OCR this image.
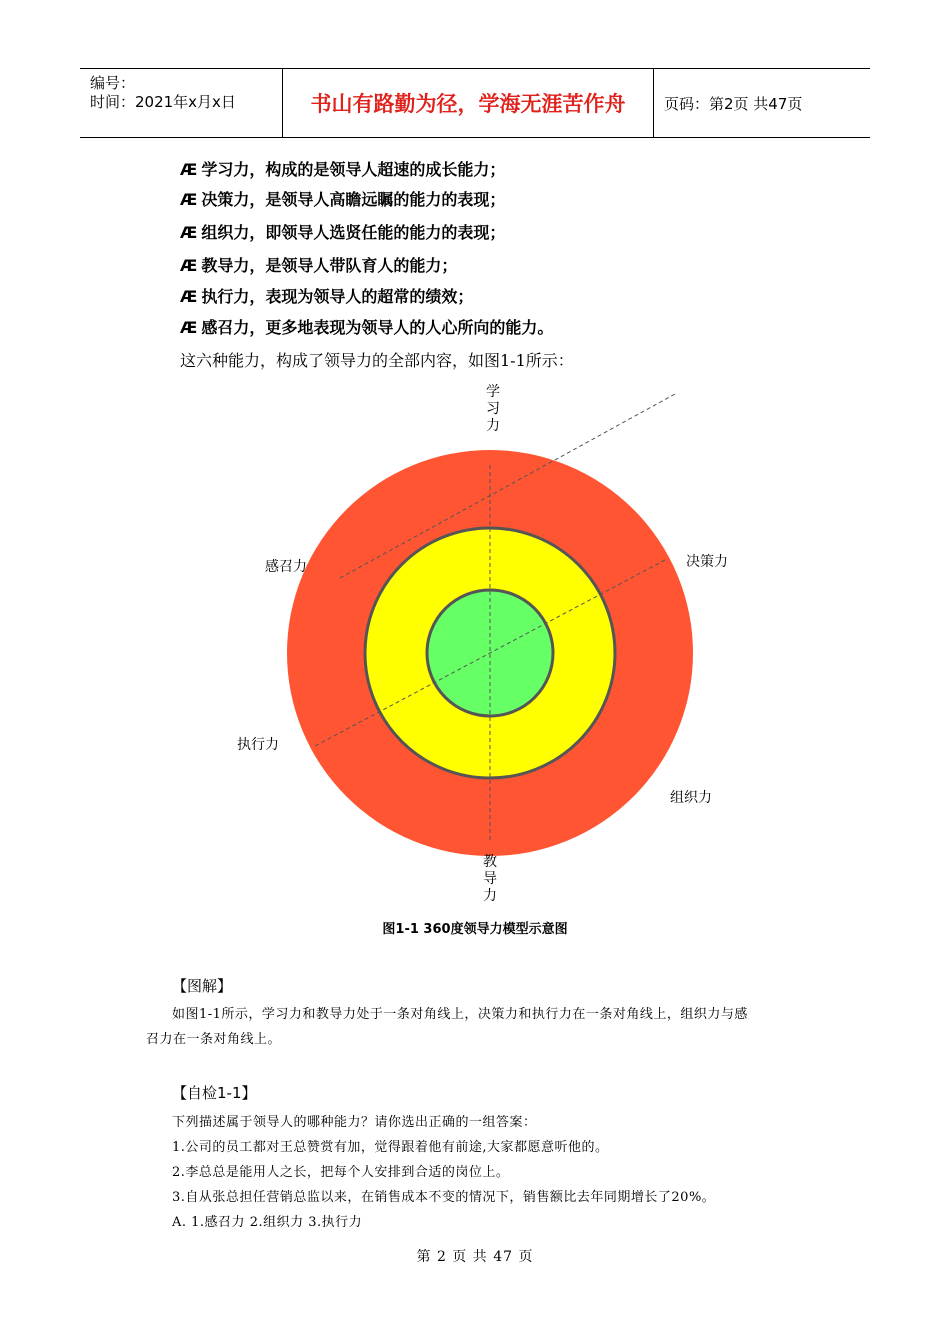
编号：
时间：2021年x月x日	书山有路勤为径，学海无涯苦作舟	页码：第2页 共47页
Æ 学习力，构成的是领导人超速的成长能力；
Æ 决策力，是领导人高瞻远瞩的能力的表现；
Æ 组织力，即领导人选贤任能的能力的表现；
Æ 教导力，是领导人带队育人的能力；
Æ 执行力，表现为领导人的超常的绩效；
Æ 感召力，更多地表现为领导人的人心所向的能力。
这六种能力，构成了领导力的全部内容，如图1-1所示：
学
习
力
决策力
感召力
执行力
组织力
教
导
力
图1-1 360度领导力模型示意图
【图解】
如图1-1所示，学习力和教导力处于一条对角线上，决策力和执行力在一条对角线上，组织力与感
召力在一条对角线上。
【自检1-1】
下列描述属于领导人的哪种能力？请你选出正确的一组答案：
1.公司的员工都对王总赞赏有加，觉得跟着他有前途,大家都愿意听他的。
2.李总总是能用人之长，把每个人安排到合适的岗位上。
3.自从张总担任营销总监以来，在销售成本不变的情况下，销售额比去年同期增长了20%。
A. 1.感召力 2.组织力 3.执行力
第 2 页 共 47 页
